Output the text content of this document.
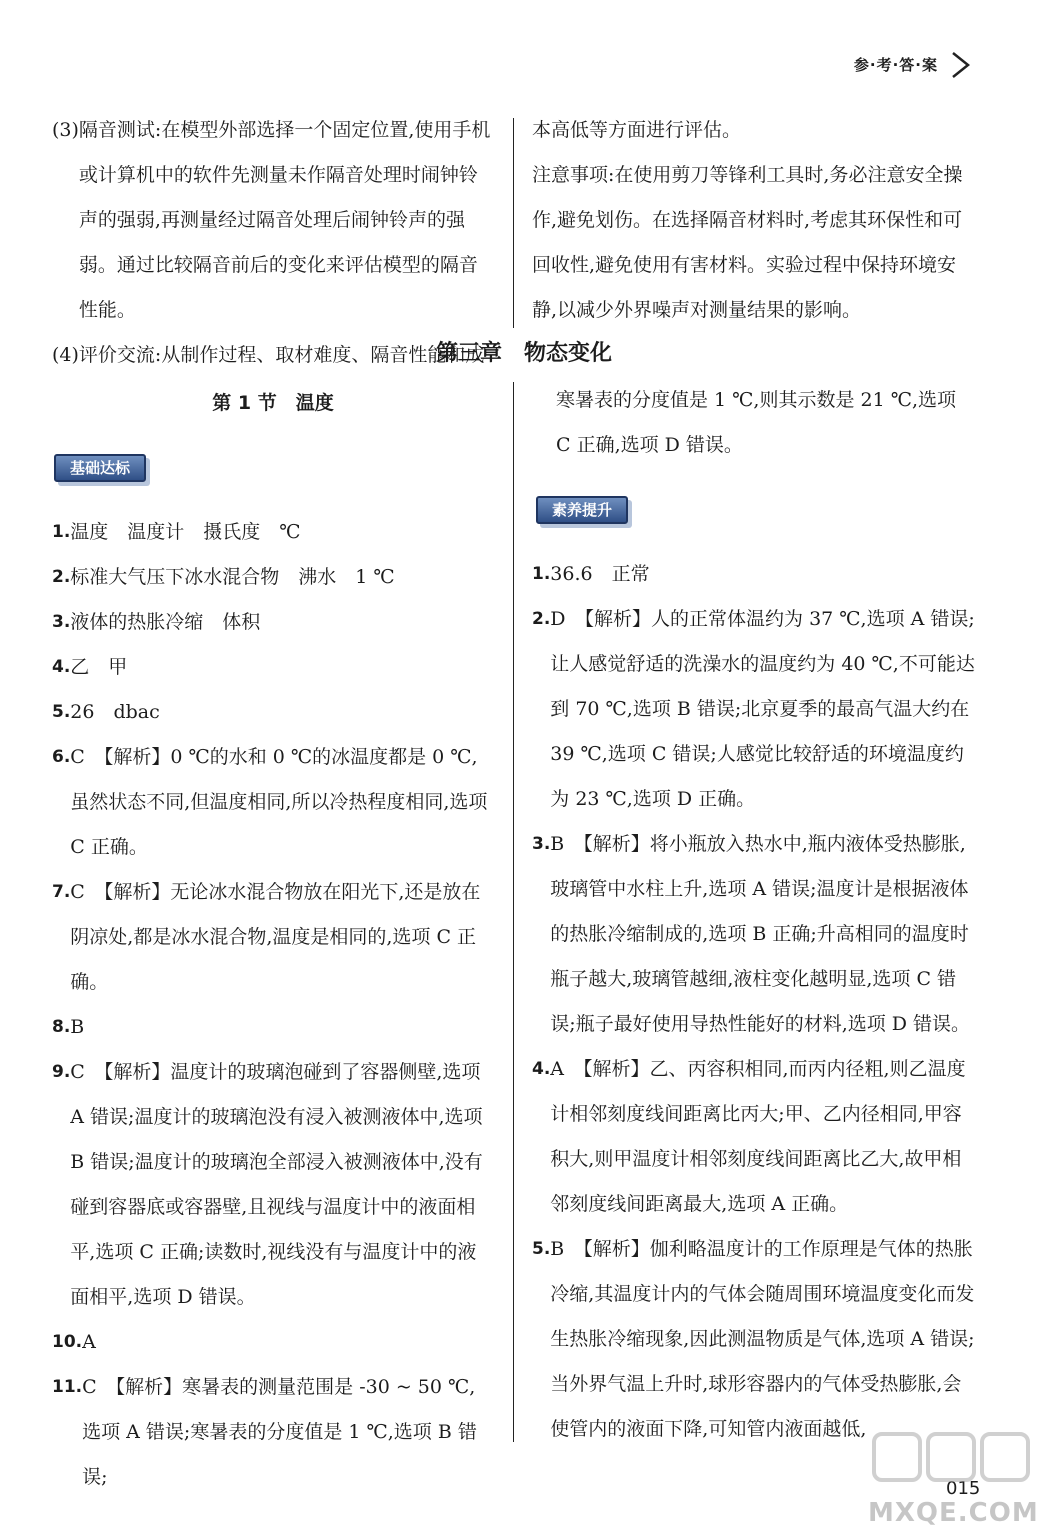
参·考·答·案

(3) 隔音测试:在模型外部选择一个固定位置,使用手机或计算机中的软件先测量未作隔音处理时闹钟铃声的强弱,再测量经过隔音处理后闹钟铃声的强弱。通过比较隔音前后的变化来评估模型的隔音性能。

(4) 评价交流:从制作过程、取材难度、隔音性能和成

本高低等方面进行评估。

注意事项:在使用剪刀等锋利工具时,务必注意安全操作,避免划伤。在选择隔音材料时,考虑其环保性和可回收性,避免使用有害材料。实验过程中保持环境安静,以减少外界噪声对测量结果的影响。

第三章　物态变化
第 1 节　温度
基础达标

1. 温度　温度计　摄氏度　℃

2. 标准大气压下冰水混合物　沸水　1 ℃

3. 液体的热胀冷缩　体积

4. 乙　甲

5. 26　dbac

6. C　【解析】0 ℃的水和 0 ℃的冰温度都是 0 ℃,虽然状态不同,但温度相同,所以冷热程度相同,选项 C 正确。

7. C　【解析】无论冰水混合物放在阳光下,还是放在阴凉处,都是冰水混合物,温度是相同的,选项 C 正确。

8. B

9. C　【解析】温度计的玻璃泡碰到了容器侧壁,选项 A 错误;温度计的玻璃泡没有浸入被测液体中,选项 B 错误;温度计的玻璃泡全部浸入被测液体中,没有碰到容器底或容器壁,且视线与温度计中的液面相平,选项 C 正确;读数时,视线没有与温度计中的液面相平,选项 D 错误。

10. A

11. C　【解析】寒暑表的测量范围是 -30 ~ 50 ℃,选项 A 错误;寒暑表的分度值是 1 ℃,选项 B 错误;

寒暑表的分度值是 1 ℃,则其示数是 21 ℃,选项 C 正确,选项 D 错误。

素养提升

1. 36.6　正常

2. D　【解析】人的正常体温约为 37 ℃,选项 A 错误;让人感觉舒适的洗澡水的温度约为 40 ℃,不可能达到 70 ℃,选项 B 错误;北京夏季的最高气温大约在 39 ℃,选项 C 错误;人感觉比较舒适的环境温度约为 23 ℃,选项 D 正确。

3. B　【解析】将小瓶放入热水中,瓶内液体受热膨胀,玻璃管中水柱上升,选项 A 错误;温度计是根据液体的热胀冷缩制成的,选项 B 正确;升高相同的温度时瓶子越大,玻璃管越细,液柱变化越明显,选项 C 错误;瓶子最好使用导热性能好的材料,选项 D 错误。

4. A　【解析】乙、丙容积相同,而丙内径粗,则乙温度计相邻刻度线间距离比丙大;甲、乙内径相同,甲容积大,则甲温度计相邻刻度线间距离比乙大,故甲相邻刻度线间距离最大,选项 A 正确。

5. B　【解析】伽利略温度计的工作原理是气体的热胀冷缩,其温度计内的气体会随周围环境温度变化而发生热胀冷缩现象,因此测温物质是气体,选项 A 错误;当外界气温上升时,球形容器内的气体受热膨胀,会使管内的液面下降,可知管内液面越低,

015
MXQE.COM
